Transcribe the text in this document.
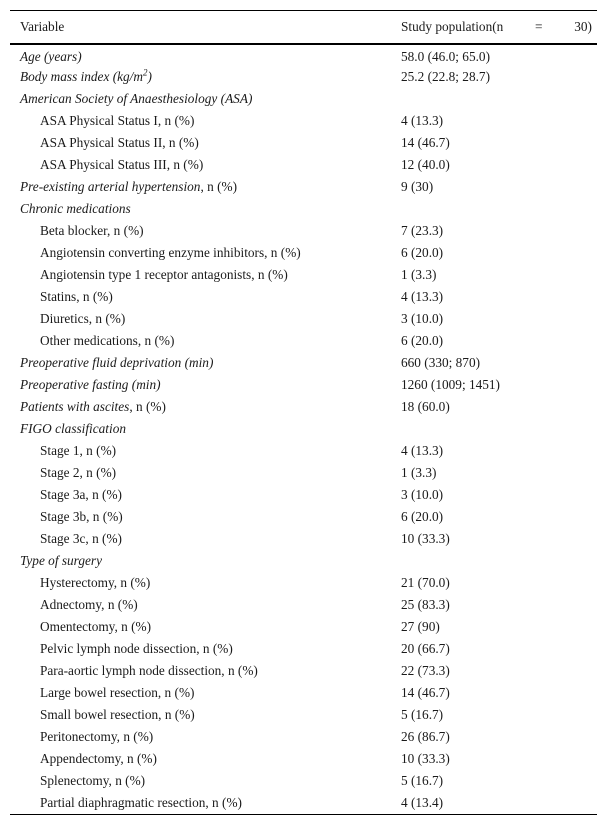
Variable	Study population(n = 30)

Age (years)	58.0 (46.0; 65.0)
Body mass index $(kg/m^2)$	25.2 (22.8; 28.7)
American Society of Anaesthesiology (ASA)	
ASA Physical Status I, n (%)	4 (13.3)
ASA Physical Status II, n (%)	14 (46.7)
ASA Physical Status III, n (%)	12 (40.0)
Pre-existing arterial hypertension, n (%)	9 (30)
Chronic medications	
Beta blocker, n (%)	7 (23.3)
Angiotensin converting enzyme inhibitors, n (%)	6 (20.0)
Angiotensin type 1 receptor antagonists, n (%)	1 (3.3)
Statins, n (%)	4 (13.3)
Diuretics, n (%)	3 (10.0)
Other medications, n (%)	6 (20.0)
Preoperative fluid deprivation (min)	660 (330; 870)
Preoperative fasting (min)	1260 (1009; 1451)
Patients with ascites, n (%)	18 (60.0)
FIGO classification	
Stage 1, n (%)	4 (13.3)
Stage 2, n (%)	1 (3.3)
Stage 3a, n (%)	3 (10.0)
Stage 3b, n (%)	6 (20.0)
Stage 3c, n (%)	10 (33.3)
Type of surgery	
Hysterectomy, n (%)	21 (70.0)
Adnectomy, n (%)	25 (83.3)
Omentectomy, n (%)	27 (90)
Pelvic lymph node dissection, n (%)	20 (66.7)
Para-aortic lymph node dissection, n (%)	22 (73.3)
Large bowel resection, n (%)	14 (46.7)
Small bowel resection, n (%)	5 (16.7)
Peritonectomy, n (%)	26 (86.7)
Appendectomy, n (%)	10 (33.3)
Splenectomy, n (%)	5 (16.7)
Partial diaphragmatic resection, n (%)	4 (13.4)
